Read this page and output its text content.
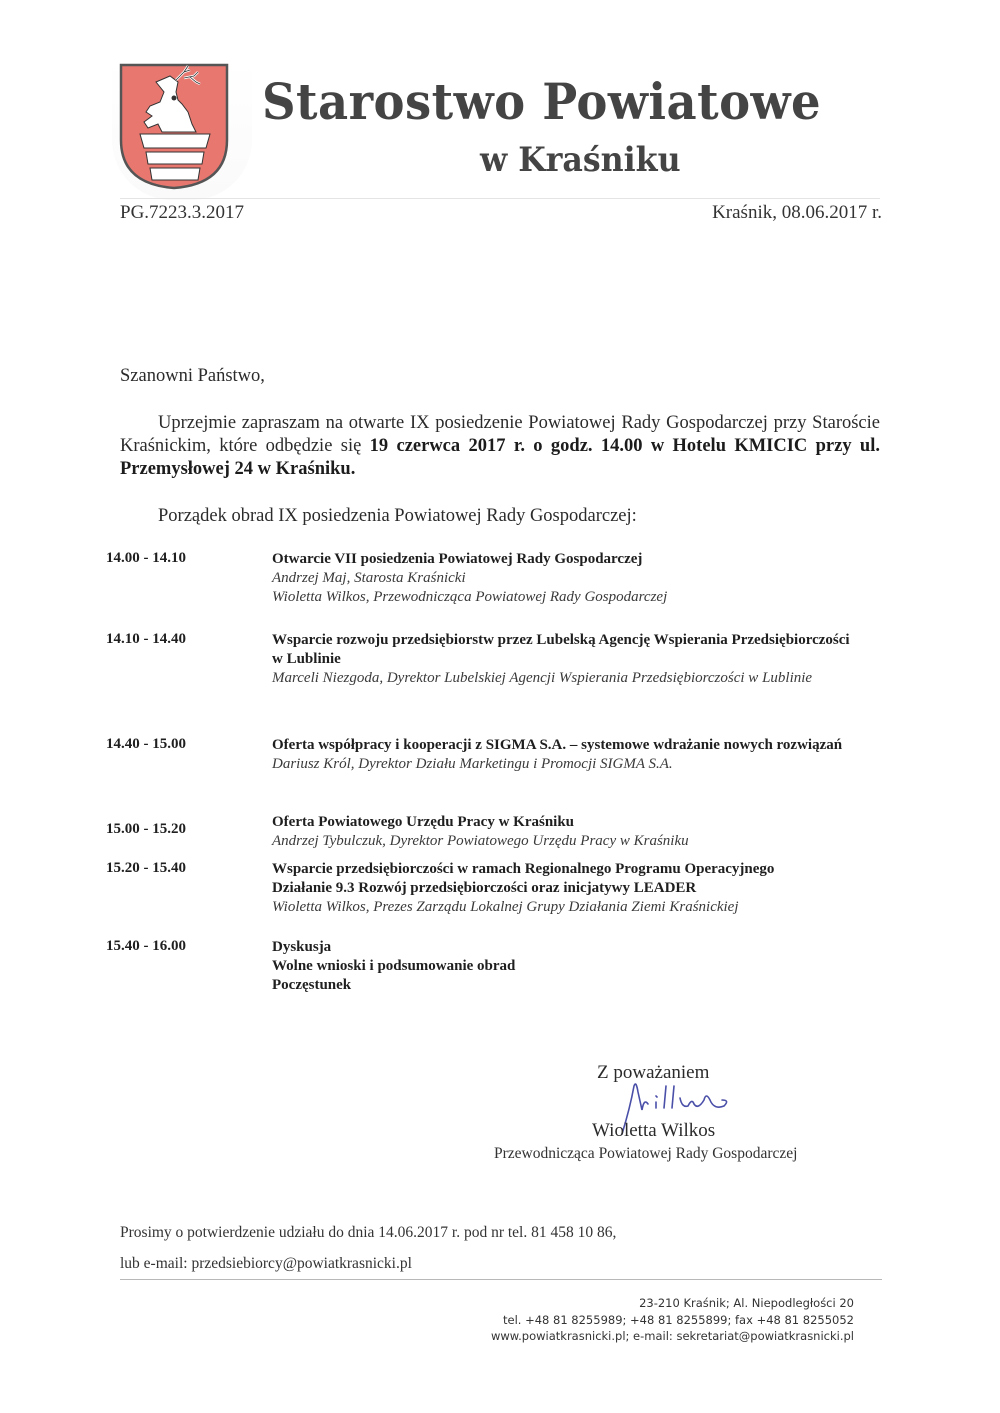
Starostwo Powiatowe
w Kraśniku
PG.7223.3.2017	Kraśnik, 08.06.2017 r.
Szanowni Państwo,
Uprzejmie zapraszam na otwarte IX posiedzenie Powiatowej Rady Gospodarczej przy Staroście Kraśnickim, które odbędzie się 19 czerwca 2017 r. o godz. 14.00 w Hotelu KMICIC przy ul. Przemysłowej 24 w Kraśniku.
Porządek obrad IX posiedzenia Powiatowej Rady Gospodarczej:
14.00 - 14.10	Otwarcie VII posiedzenia Powiatowej Rady Gospodarczej
Andrzej Maj, Starosta Kraśnicki
Wioletta Wilkos, Przewodnicząca Powiatowej Rady Gospodarczej
14.10 - 14.40	Wsparcie rozwoju przedsiębiorstw przez Lubelską Agencję Wspierania Przedsiębiorczości w Lublinie
Marceli Niezgoda, Dyrektor Lubelskiej Agencji Wspierania Przedsiębiorczości w Lublinie
14.40 - 15.00	Oferta współpracy i kooperacji z SIGMA S.A. – systemowe wdrażanie nowych rozwiązań
Dariusz Król, Dyrektor Działu Marketingu i Promocji SIGMA S.A.
15.00 - 15.20	Oferta Powiatowego Urzędu Pracy w Kraśniku
Andrzej Tybulczuk, Dyrektor Powiatowego Urzędu Pracy w Kraśniku
15.20 - 15.40	Wsparcie przedsiębiorczości w ramach Regionalnego Programu Operacyjnego
Działanie 9.3 Rozwój przedsiębiorczości oraz inicjatywy LEADER
Wioletta Wilkos, Prezes Zarządu Lokalnej Grupy Działania Ziemi Kraśnickiej
15.40 - 16.00	Dyskusja
Wolne wnioski i podsumowanie obrad
Poczęstunek
Z poważaniem
Wioletta Wilkos
Przewodnicząca Powiatowej Rady Gospodarczej
Prosimy o potwierdzenie udziału do dnia 14.06.2017 r. pod nr tel. 81 458 10 86,
lub e-mail: przedsiebiorcy@powiatkrasnicki.pl
23-210 Kraśnik; Al. Niepodległości 20
tel. +48 81 8255989; +48 81 8255899; fax +48 81 8255052
www.powiatkrasnicki.pl; e-mail: sekretariat@powiatkrasnicki.pl
